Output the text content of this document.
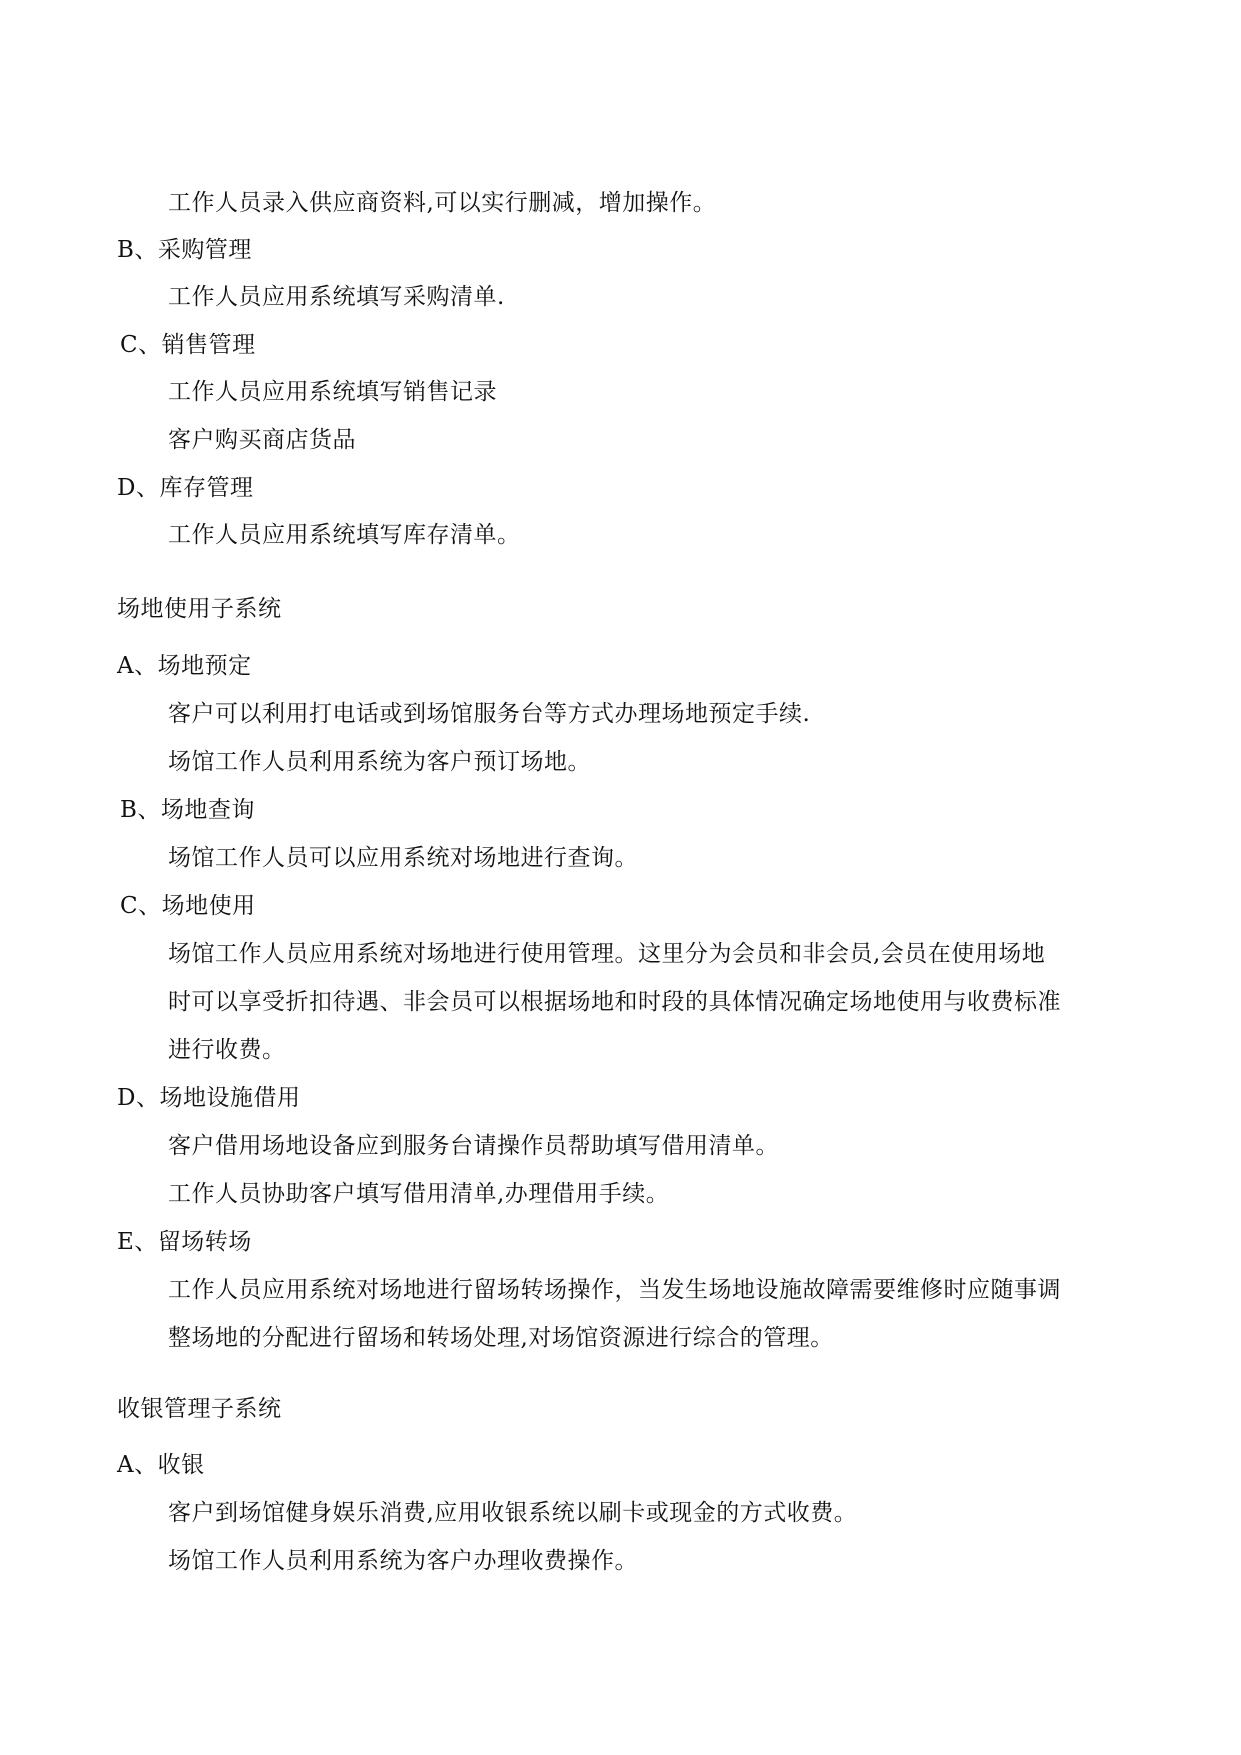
工作人员录入供应商资料,可以实行删减，增加操作。
B、采购管理
工作人员应用系统填写采购清单.
C、销售管理
工作人员应用系统填写销售记录
客户购买商店货品
D、库存管理
工作人员应用系统填写库存清单。
场地使用子系统
A、场地预定
客户可以利用打电话或到场馆服务台等方式办理场地预定手续.
场馆工作人员利用系统为客户预订场地。
B、场地查询
场馆工作人员可以应用系统对场地进行查询。
C、场地使用
场馆工作人员应用系统对场地进行使用管理。这里分为会员和非会员,会员在使用场地
时可以享受折扣待遇、非会员可以根据场地和时段的具体情况确定场地使用与收费标准
进行收费。
D、场地设施借用
客户借用场地设备应到服务台请操作员帮助填写借用清单。
工作人员协助客户填写借用清单,办理借用手续。
E、留场转场
工作人员应用系统对场地进行留场转场操作，当发生场地设施故障需要维修时应随事调
整场地的分配进行留场和转场处理,对场馆资源进行综合的管理。
收银管理子系统
A、收银
客户到场馆健身娱乐消费,应用收银系统以刷卡或现金的方式收费。
场馆工作人员利用系统为客户办理收费操作。
